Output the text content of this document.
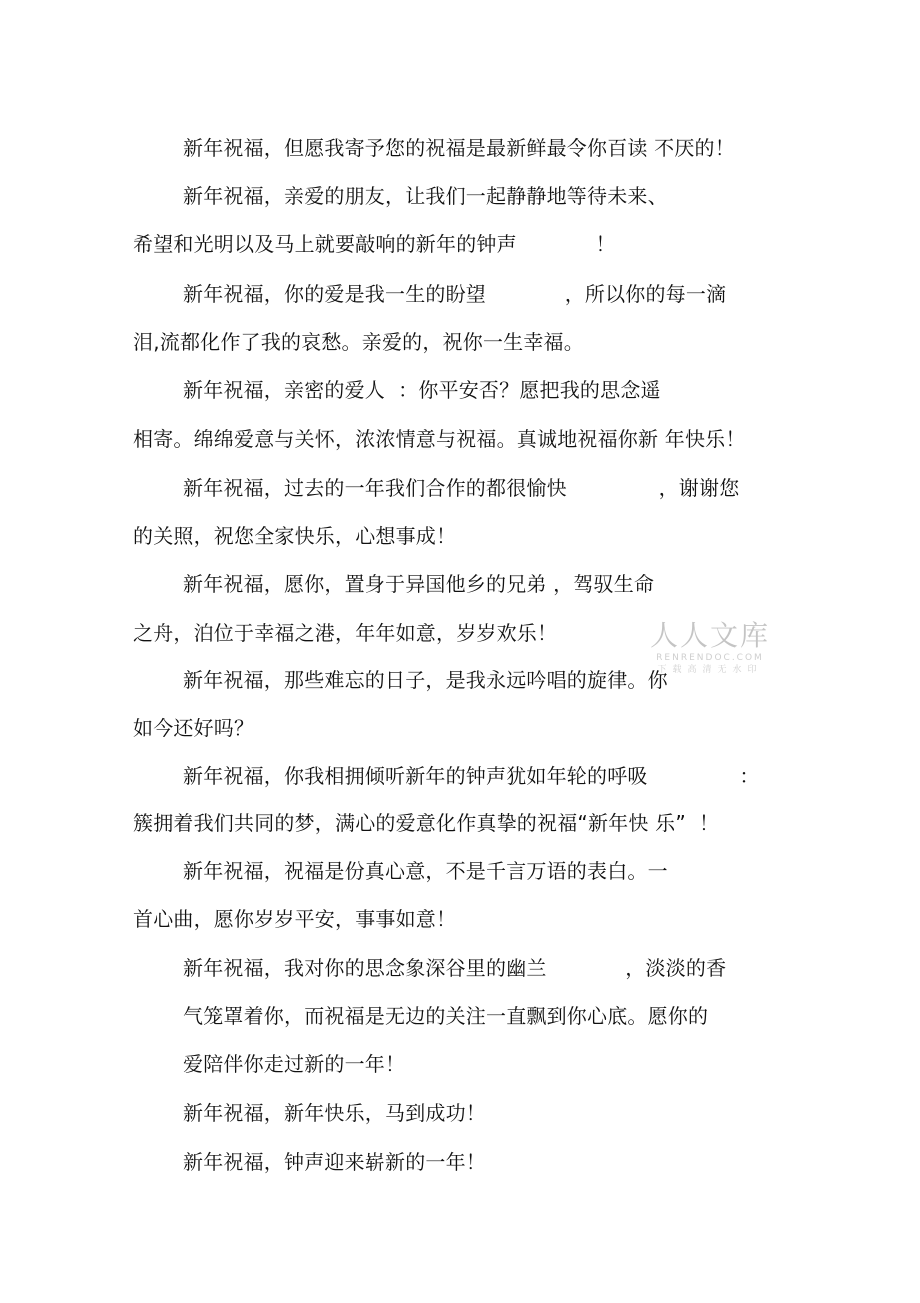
新年祝福，但愿我寄予您的祝福是最新鲜最令你百读 不厌的！
新年祝福，亲爱的朋友，让我们一起静静地等待未来、
希望和光明以及马上就要敲响的新年的钟声            ！
新年祝福，你的爱是我一生的盼望            ，所以你的每一滴
泪,流都化作了我的哀愁。亲爱的，祝你一生幸福。
新年祝福，亲密的爱人  ：你平安否？愿把我的思念遥
相寄。绵绵爱意与关怀，浓浓情意与祝福。真诚地祝福你新 年快乐！
新年祝福，过去的一年我们合作的都很愉快              ，谢谢您
的关照，祝您全家快乐，心想事成！
新年祝福，愿你，置身于异国他乡的兄弟 ，驾驭生命
之舟，泊位于幸福之港，年年如意，岁岁欢乐！
新年祝福，那些难忘的日子，是我永远吟唱的旋律。你
如今还好吗？
新年祝福，你我相拥倾听新年的钟声犹如年轮的呼吸              ：
簇拥着我们共同的梦，满心的爱意化作真挚的祝福“新年快 乐”  ！
新年祝福，祝福是份真心意，不是千言万语的表白。一
首心曲，愿你岁岁平安，事事如意！
新年祝福，我对你的思念象深谷里的幽兰            ，淡淡的香
气笼罩着你，而祝福是无边的关注一直飘到你心底。愿你的
爱陪伴你走过新的一年！
新年祝福，新年快乐，马到成功！
新年祝福，钟声迎来崭新的一年！
人人文库
RENRENDOC.COM
下载高清无水印
